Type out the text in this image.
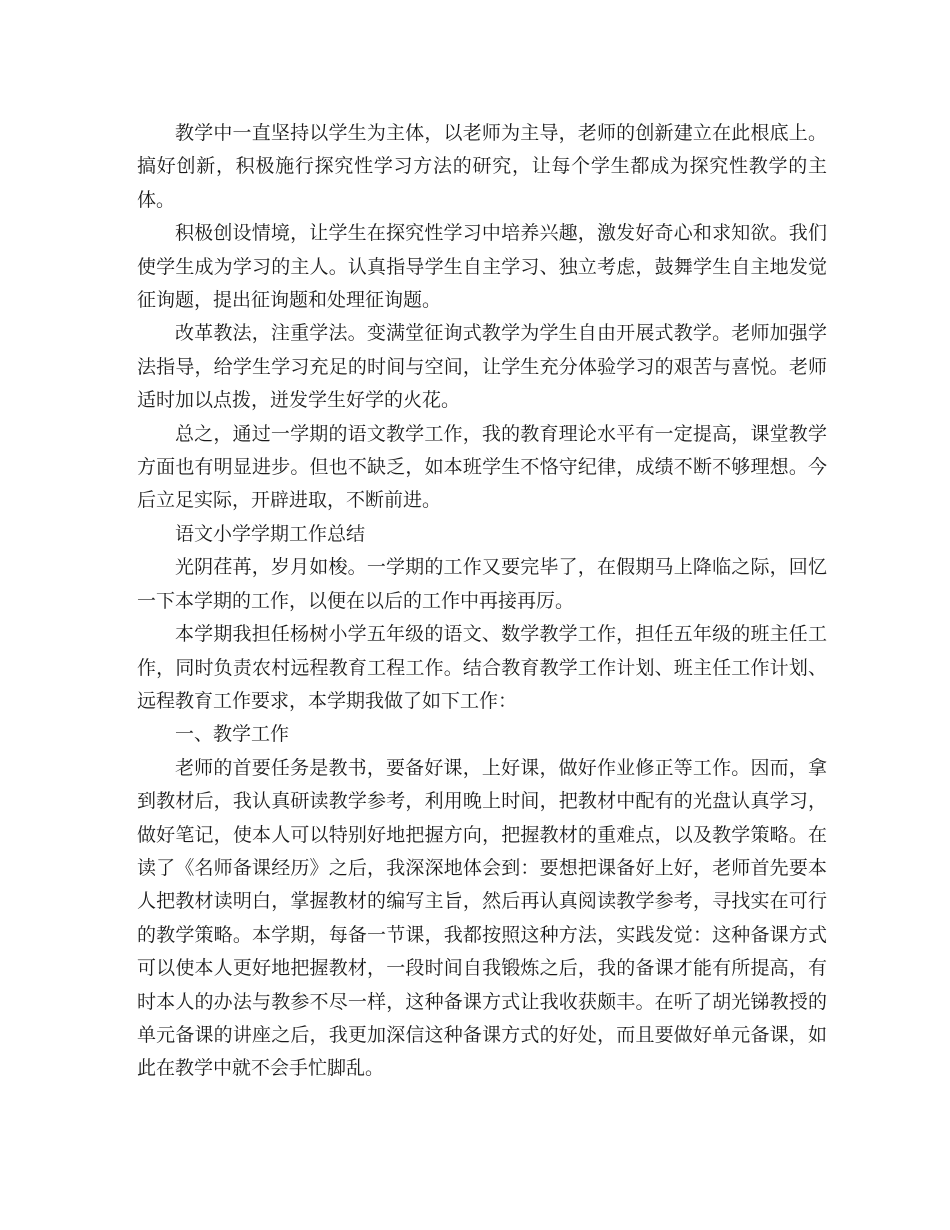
教学中一直坚持以学生为主体，以老师为主导，老师的创新建立在此根底上。搞好创新，积极施行探究性学习方法的研究，让每个学生都成为探究性教学的主体。

积极创设情境，让学生在探究性学习中培养兴趣，激发好奇心和求知欲。我们使学生成为学习的主人。认真指导学生自主学习、独立考虑，鼓舞学生自主地发觉征询题，提出征询题和处理征询题。

改革教法，注重学法。变满堂征询式教学为学生自由开展式教学。老师加强学法指导，给学生学习充足的时间与空间，让学生充分体验学习的艰苦与喜悦。老师适时加以点拨，迸发学生好学的火花。

总之，通过一学期的语文教学工作，我的教育理论水平有一定提高，课堂教学方面也有明显进步。但也不缺乏，如本班学生不恪守纪律，成绩不断不够理想。今后立足实际，开辟进取，不断前进。

语文小学学期工作总结

光阴荏苒，岁月如梭。一学期的工作又要完毕了，在假期马上降临之际，回忆一下本学期的工作，以便在以后的工作中再接再厉。

本学期我担任杨树小学五年级的语文、数学教学工作，担任五年级的班主任工作，同时负责农村远程教育工程工作。结合教育教学工作计划、班主任工作计划、远程教育工作要求，本学期我做了如下工作：

一、教学工作

老师的首要任务是教书，要备好课，上好课，做好作业修正等工作。因而，拿到教材后，我认真研读教学参考，利用晚上时间，把教材中配有的光盘认真学习，做好笔记，使本人可以特别好地把握方向，把握教材的重难点，以及教学策略。在读了《名师备课经历》之后，我深深地体会到：要想把课备好上好，老师首先要本人把教材读明白，掌握教材的编写主旨，然后再认真阅读教学参考，寻找实在可行的教学策略。本学期，每备一节课，我都按照这种方法，实践发觉：这种备课方式可以使本人更好地把握教材，一段时间自我锻炼之后，我的备课才能有所提高，有时本人的办法与教参不尽一样，这种备课方式让我收获颇丰。在听了胡光锑教授的单元备课的讲座之后，我更加深信这种备课方式的好处，而且要做好单元备课，如此在教学中就不会手忙脚乱。
